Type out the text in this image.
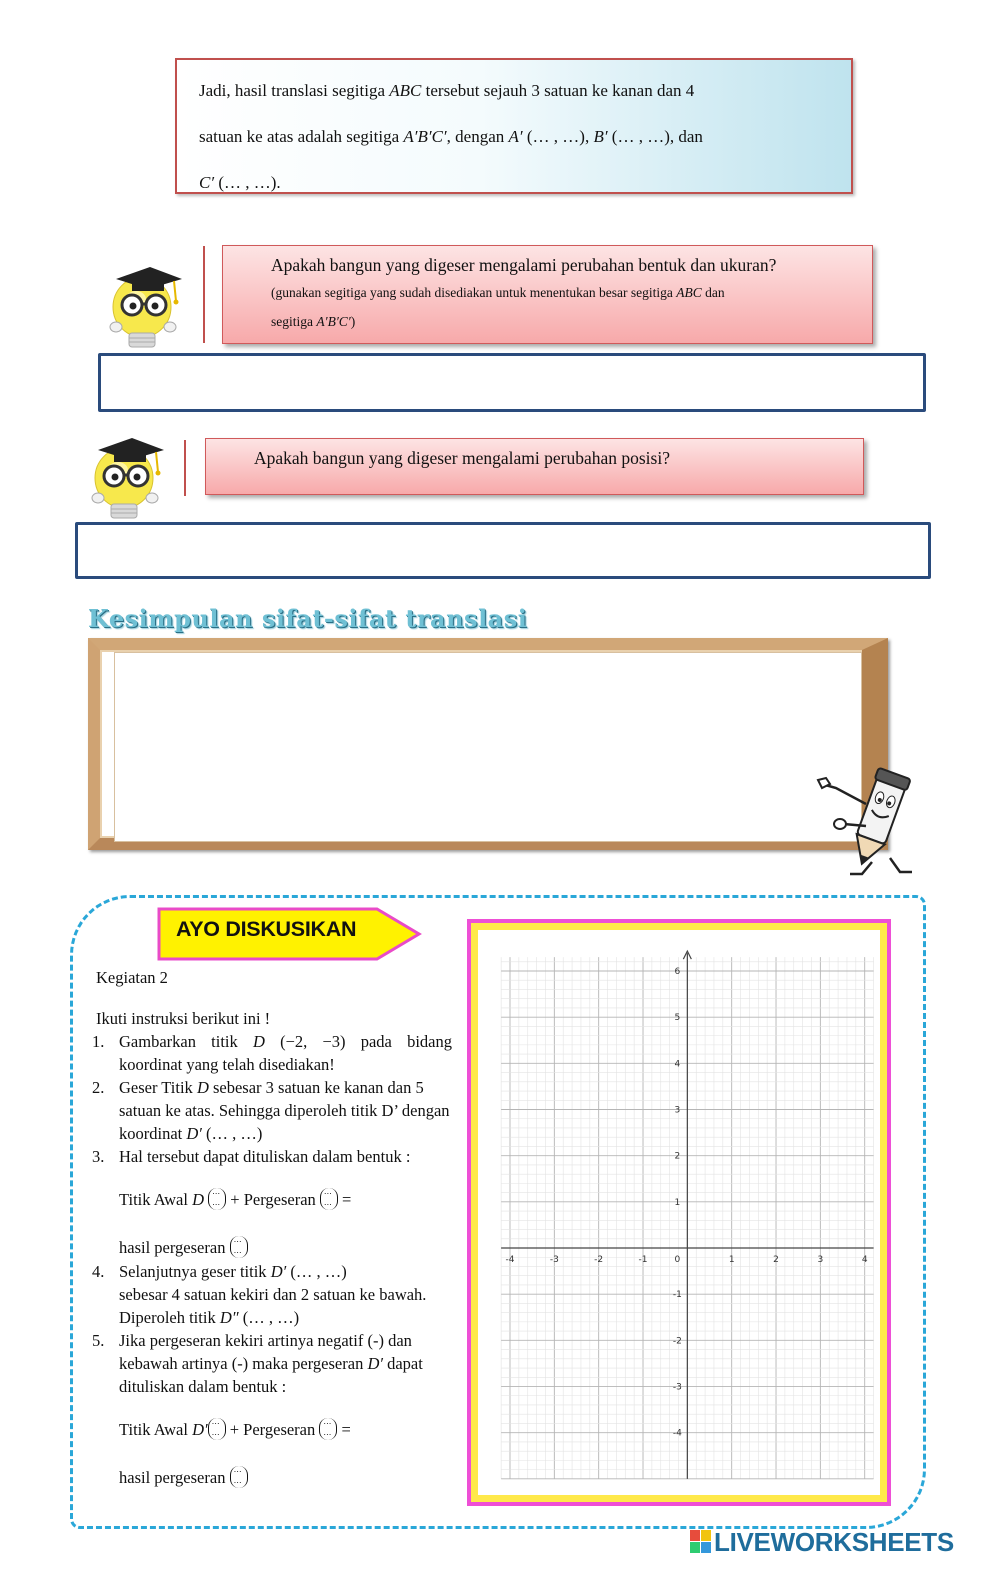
Jadi, hasil translasi segitiga ABC tersebut sejauh 3 satuan ke kanan dan 4
satuan ke atas adalah segitiga A′B′C′, dengan A′ (… , …), B′ (… , …), dan
C′ (… , …).
Apakah bangun yang digeser mengalami perubahan bentuk dan ukuran?
(gunakan segitiga yang sudah disediakan untuk menentukan besar segitiga ABC dan
segitiga A′B′C′)
Apakah bangun yang digeser mengalami perubahan posisi?
Kesimpulan sifat-sifat translasi
AYO DISKUSIKAN

Kegiatan 2

Ikuti instruksi berikut ini !

1. Gambarkan titik D (−2, −3) pada bidang koordinat yang telah disediakan!
2. Geser Titik D sebesar 3 satuan ke kanan dan 5 satuan ke atas. Sehingga diperoleh titik D’ dengan koordinat D′ (… , …)
3. Hal tersebut dapat dituliskan dalam bentuk :
Titik Awal D ⋯
⋯ + Pergeseran ⋯
⋯ =
hasil pergeseran ⋯
⋯
4. Selanjutnya geser titik D′ (… , …)
sebesar 4 satuan kekiri dan 2 satuan ke bawah. Diperoleh titik D″ (… , …)
5. Jika pergeseran kekiri artinya negatif (-) dan kebawah artinya (-) maka pergeseran D′ dapat dituliskan dalam bentuk :
Titik Awal D′ ⋯
⋯ + Pergeseran ⋯
⋯ =
hasil pergeseran ⋯
⋯
-4	-3	-2	-1	0	1	2	3	4
-4
-3
-2
-1
1
2
3
4
5
6
LIVEWORKSHEETS
